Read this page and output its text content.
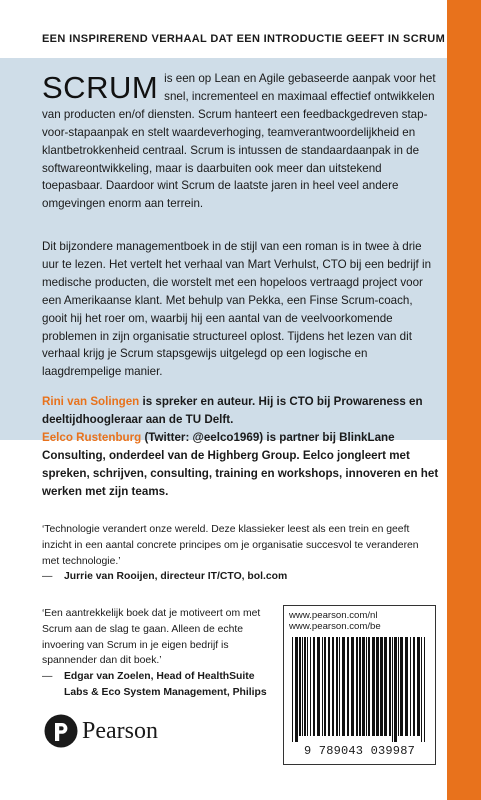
EEN INSPIREREND VERHAAL DAT EEN INTRODUCTIE GEEFT IN SCRUM
SCRUM is een op Lean en Agile gebaseerde aanpak voor het snel, incrementeel en maximaal effectief ontwikkelen van producten en/of diensten. Scrum hanteert een feedbackgedreven stap-voor-stapaanpak en stelt waardeverhoging, teamverantwoordelijkheid en klantbetrokkenheid centraal. Scrum is intussen de standaardaanpak in de softwareontwikkeling, maar is daarbuiten ook meer dan uitstekend toepasbaar. Daardoor wint Scrum de laatste jaren in heel veel andere omgevingen enorm aan terrein.
Dit bijzondere managementboek in de stijl van een roman is in twee à drie uur te lezen. Het vertelt het verhaal van Mart Verhulst, CTO bij een bedrijf in medische producten, die worstelt met een hopeloos vertraagd project voor een Amerikaanse klant. Met behulp van Pekka, een Finse Scrum-coach, gooit hij het roer om, waarbij hij een aantal van de veelvoorkomende problemen in zijn organisatie structureel oplost. Tijdens het lezen van dit verhaal krijg je Scrum stapsgewijs uitgelegd op een logische en laagdrempelige manier.
Rini van Solingen is spreker en auteur. Hij is CTO bij Prowareness en deeltijdhoogleraar aan de TU Delft.
Eelco Rustenburg (Twitter: @eelco1969) is partner bij BlinkLane Consulting, onderdeel van de Highberg Group. Eelco jongleert met spreken, schrijven, consulting, training en workshops, innoveren en het werken met zijn teams.
‘Technologie verandert onze wereld. Deze klassieker leest als een trein en geeft inzicht in een aantal concrete principes om je organisatie succesvol te veranderen met technologie.’
— Jurrie van Rooijen, directeur IT/CTO, bol.com
‘Een aantrekkelijk boek dat je motiveert om met Scrum aan de slag te gaan. Alleen de echte invoering van Scrum in je eigen bedrijf is spannender dan dit boek.’
— Edgar van Zoelen, Head of HealthSuite Labs & Eco System Management, Philips
Pearson
www.pearson.com/nl
www.pearson.com/be
9 789043 039987
